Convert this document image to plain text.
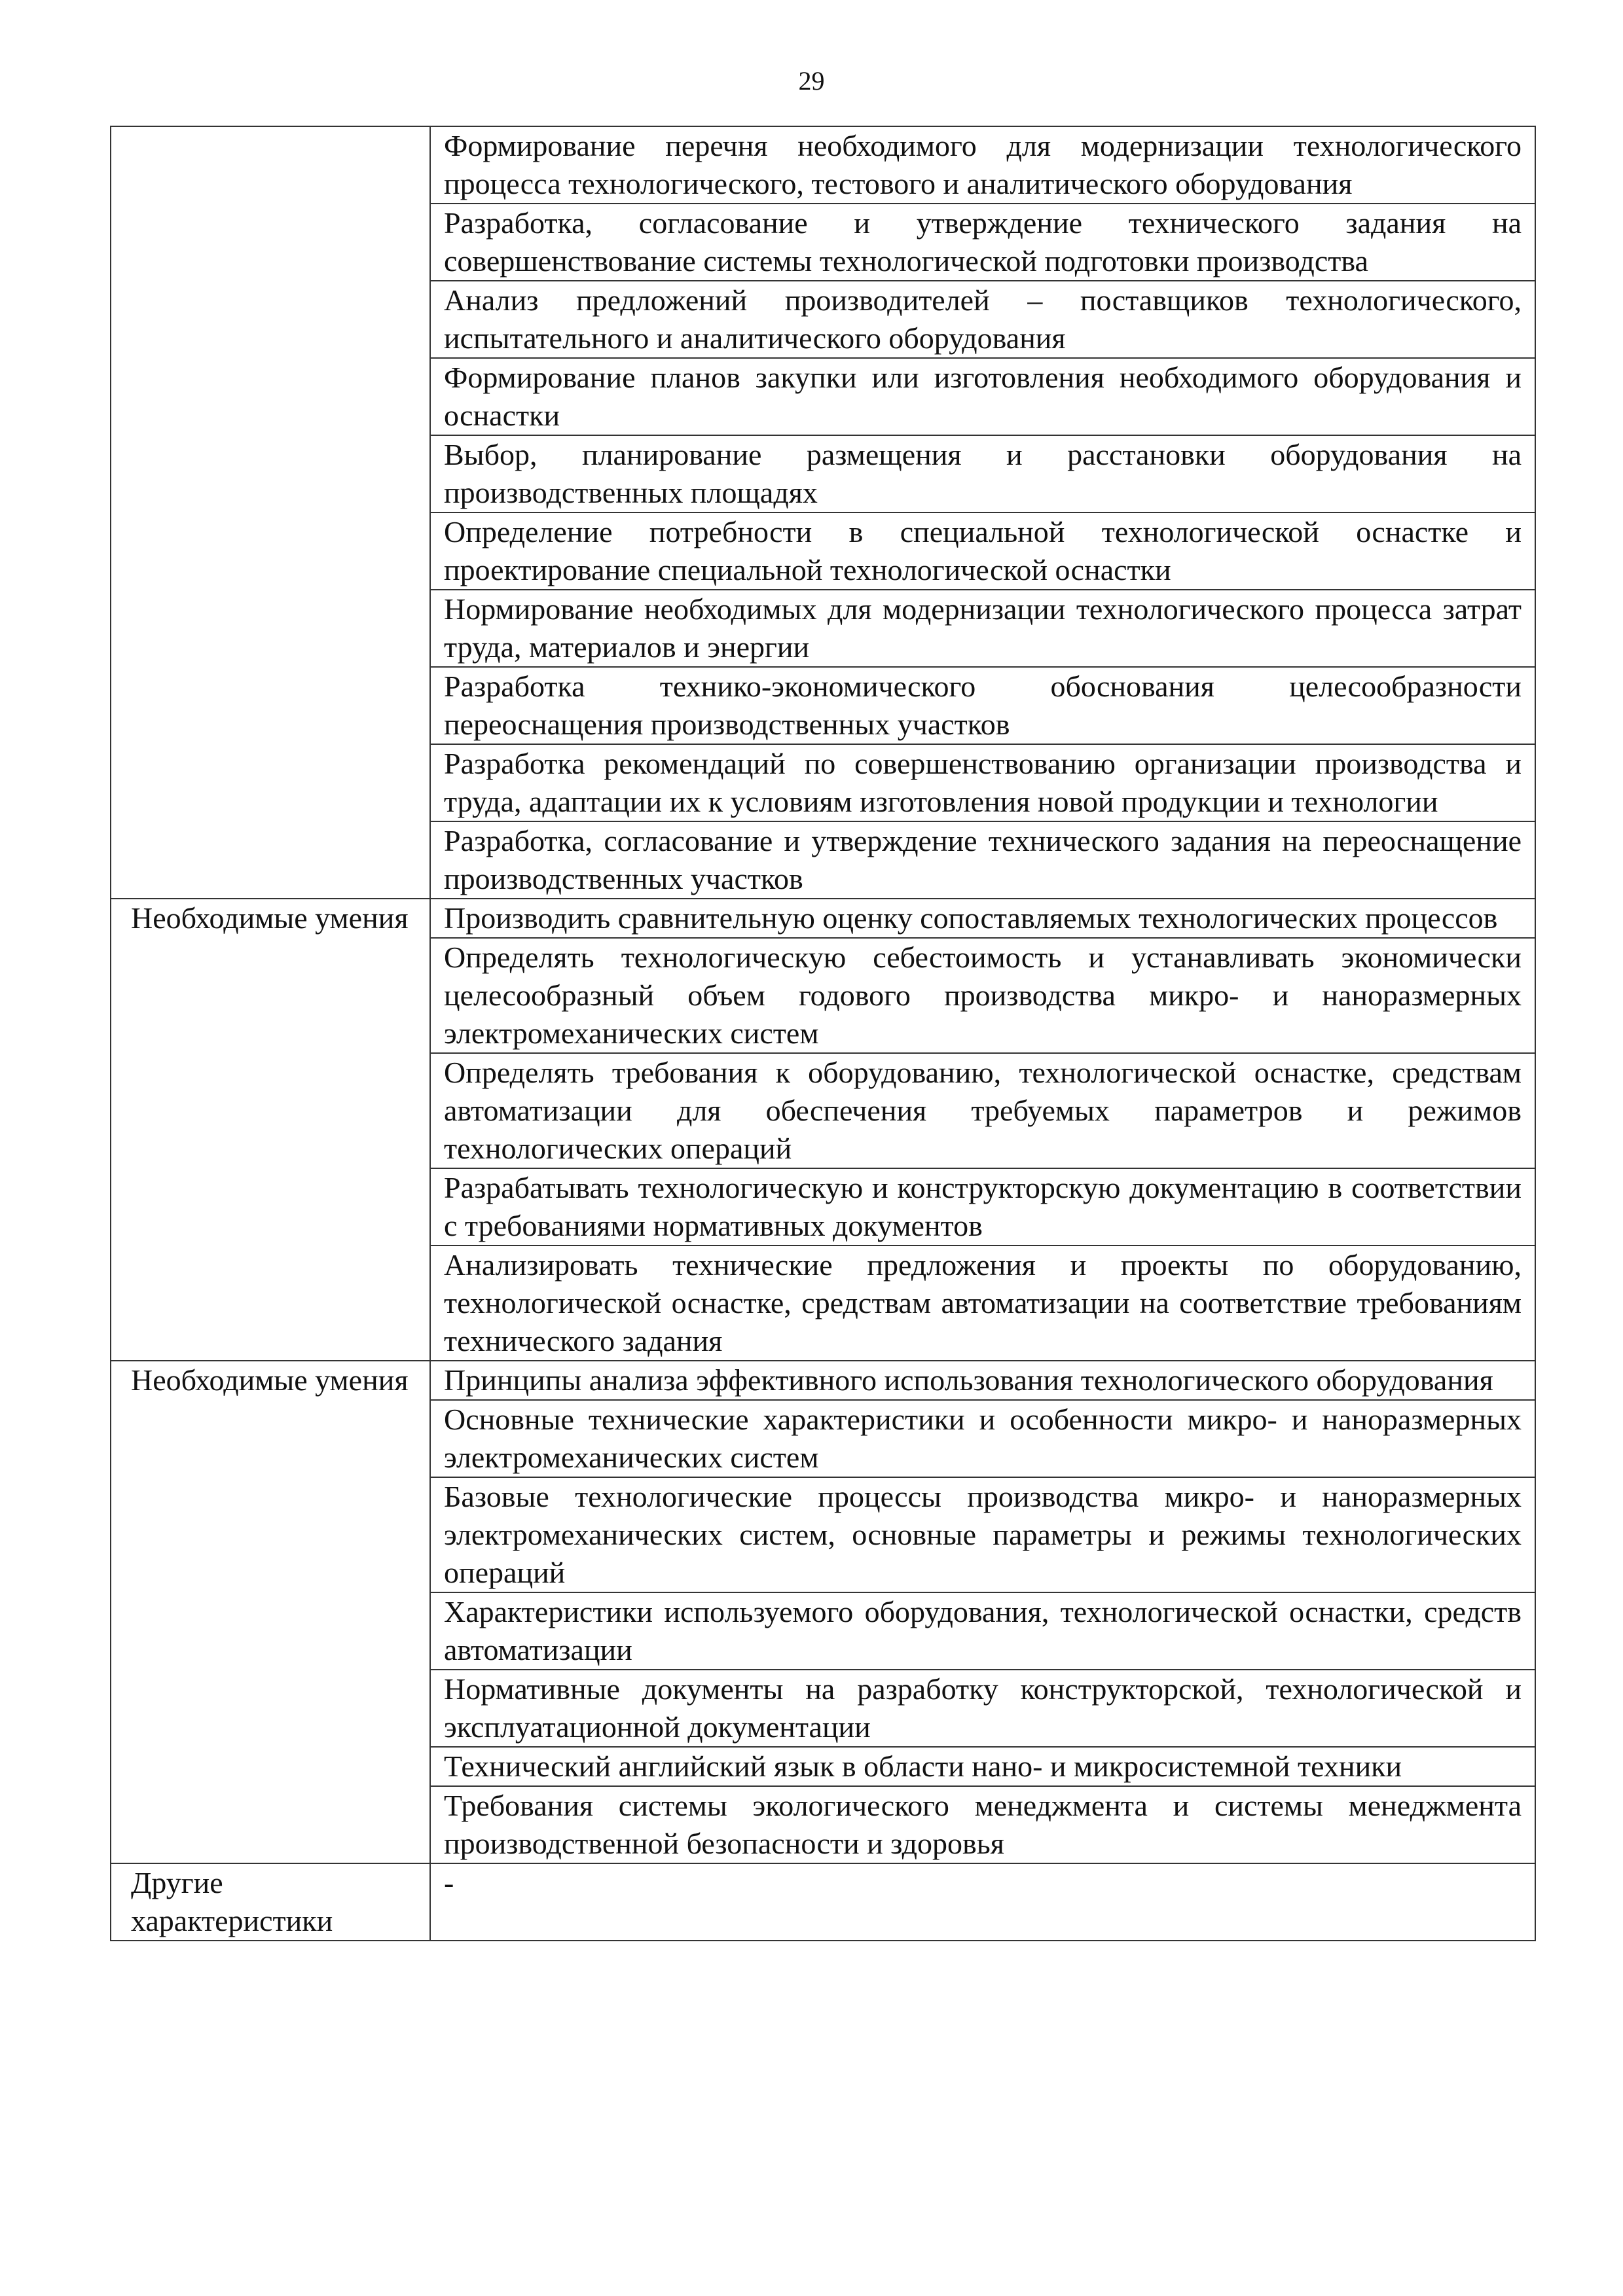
29
	Формирование перечня необходимого для модернизации технологического процесса технологического, тестового и аналитического оборудования
	Разработка, согласование и утверждение технического задания на совершенствование системы технологической подготовки производства
	Анализ предложений производителей – поставщиков технологического, испытательного и аналитического оборудования
	Формирование планов закупки или изготовления необходимого оборудования и оснастки
	Выбор, планирование размещения и расстановки оборудования на производственных площадях
	Определение потребности в специальной технологической оснастке и проектирование специальной технологической оснастки
	Нормирование необходимых для модернизации технологического процесса затрат труда, материалов и энергии
	Разработка технико-экономического обоснования целесообразности переоснащения производственных участков
	Разработка рекомендаций по совершенствованию организации производства и труда, адаптации их к условиям изготовления новой продукции и технологии
	Разработка, согласование и утверждение технического задания на переоснащение производственных участков
Необходимые умения	Производить сравнительную оценку сопоставляемых технологических процессов
	Определять технологическую себестоимость и устанавливать экономически целесообразный объем годового производства микро- и наноразмерных электромеханических систем
	Определять требования к оборудованию, технологической оснастке, средствам автоматизации для обеспечения требуемых параметров и режимов технологических операций
	Разрабатывать технологическую и конструкторскую документацию в соответствии с требованиями нормативных документов
	Анализировать технические предложения и проекты по оборудованию, технологической оснастке, средствам автоматизации на соответствие требованиям технического задания
Необходимые умения	Принципы анализа эффективного использования технологического оборудования
	Основные технические характеристики и особенности микро- и наноразмерных электромеханических систем
	Базовые технологические процессы производства микро- и наноразмерных электромеханических систем, основные параметры и режимы технологических операций
	Характеристики используемого оборудования, технологической оснастки, средств автоматизации
	Нормативные документы на разработку конструкторской, технологической и эксплуатационной документации
	Технический английский язык в области нано- и микросистемной техники
	Требования системы экологического менеджмента и системы менеджмента производственной безопасности и здоровья
Другие характеристики	-
